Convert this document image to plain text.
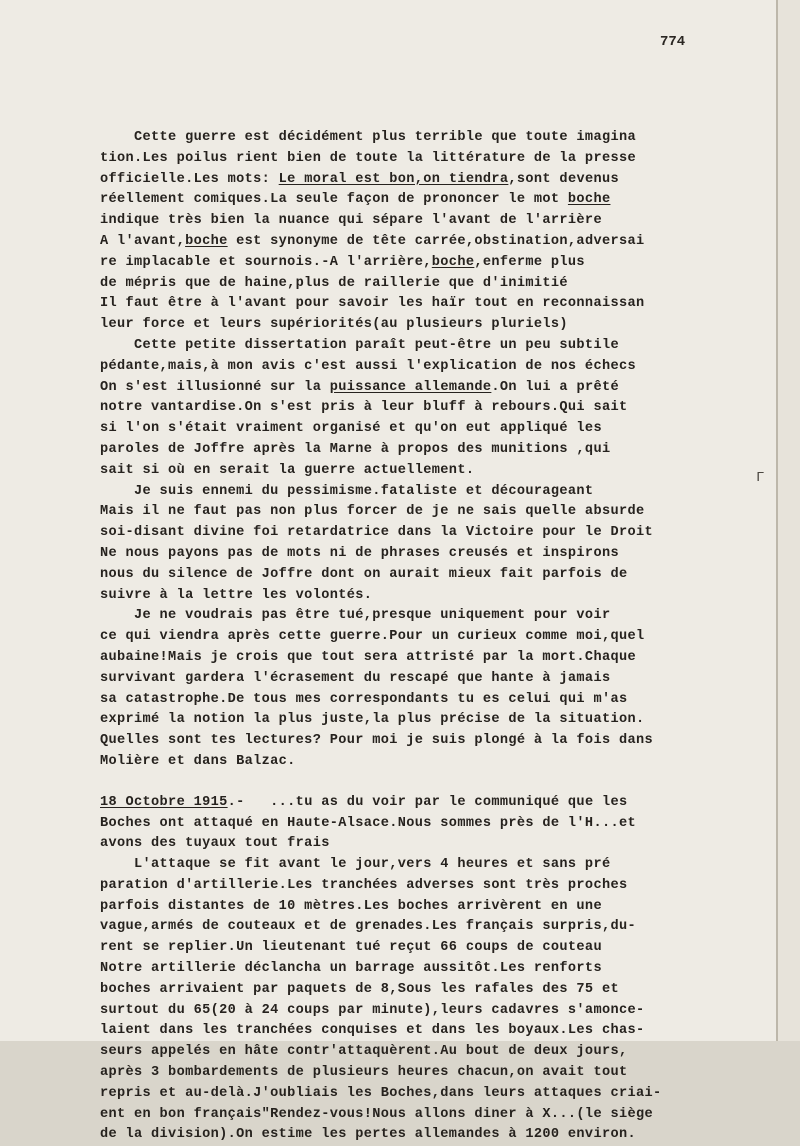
774
Cette guerre est décidément plus terrible que toute imagina
tion.Les poilus rient bien de toute la littérature de la presse
officielle.Les mots: Le moral est bon,on tiendra,sont devenus
réellement comiques.La seule façon de prononcer le mot boche
indique très bien la nuance qui sépare l'avant de l'arrière
A l'avant,boche est synonyme de tête carrée,obstination,adversai
re implacable et sournois.-A l'arrière,boche,enferme plus
de mépris que de haine,plus de raillerie que d'inimitié
Il faut être à l'avant pour savoir les haïr tout en reconnaissan
leur force et leurs supériorités(au plusieurs pluriels)
Cette petite dissertation paraît peut-être un peu subtile
pédante,mais,à mon avis c'est aussi l'explication de nos échecs
On s'est illusionné sur la puissance allemande.On lui a prêté
notre vantardise.On s'est pris à leur bluff à rebours.Qui sait
si l'on s'était vraiment organisé et qu'on eut appliqué les
paroles de Joffre après la Marne à propos des munitions ,qui
sait si où en serait la guerre actuellement.
Je suis ennemi du pessimisme.fataliste et décourageant
Mais il ne faut pas non plus forcer de je ne sais quelle absurde
soi-disant divine foi retardatrice dans la Victoire pour le Droit
Ne nous payons pas de mots ni de phrases creusés et inspirons
nous du silence de Joffre dont on aurait mieux fait parfois de
suivre à la lettre les volontés.
Je ne voudrais pas être tué,presque uniquement pour voir
ce qui viendra après cette guerre.Pour un curieux comme moi,quel
aubaine!Mais je crois que tout sera attristé par la mort.Chaque
survivant gardera l'écrasement du rescapé que hante à jamais
sa catastrophe.De tous mes correspondants tu es celui qui m'as
exprimé la notion la plus juste,la plus précise de la situation.
Quelles sont tes lectures? Pour moi je suis plongé à la fois dans
Molière et dans Balzac.
18 Octobre 1915.-   ...tu as du voir par le communiqué que les
Boches ont attaqué en Haute-Alsace.Nous sommes près de l'H...et
avons des tuyaux tout frais
L'attaque se fit avant le jour,vers 4 heures et sans pré
paration d'artillerie.Les tranchées adverses sont très proches
parfois distantes de 10 mètres.Les boches arrivèrent en une
vague,armés de couteaux et de grenades.Les français surpris,du-
rent se replier.Un lieutenant tué reçut 66 coups de couteau
Notre artillerie déclancha un barrage aussitôt.Les renforts
boches arrivaient par paquets de 8,Sous les rafales des 75 et
surtout du 65(20 à 24 coups par minute),leurs cadavres s'amonce-
laient dans les tranchées conquises et dans les boyaux.Les chas-
seurs appelés en hâte contr'attaquèrent.Au bout de deux jours,
après 3 bombardements de plusieurs heures chacun,on avait tout
repris et au-delà.J'oubliais les Boches,dans leurs attaques criai-
ent en bon français"Rendez-vous!Nous allons diner à X...(le siège
de la division).On estime les pertes allemandes à 1200 environ.
Γ
